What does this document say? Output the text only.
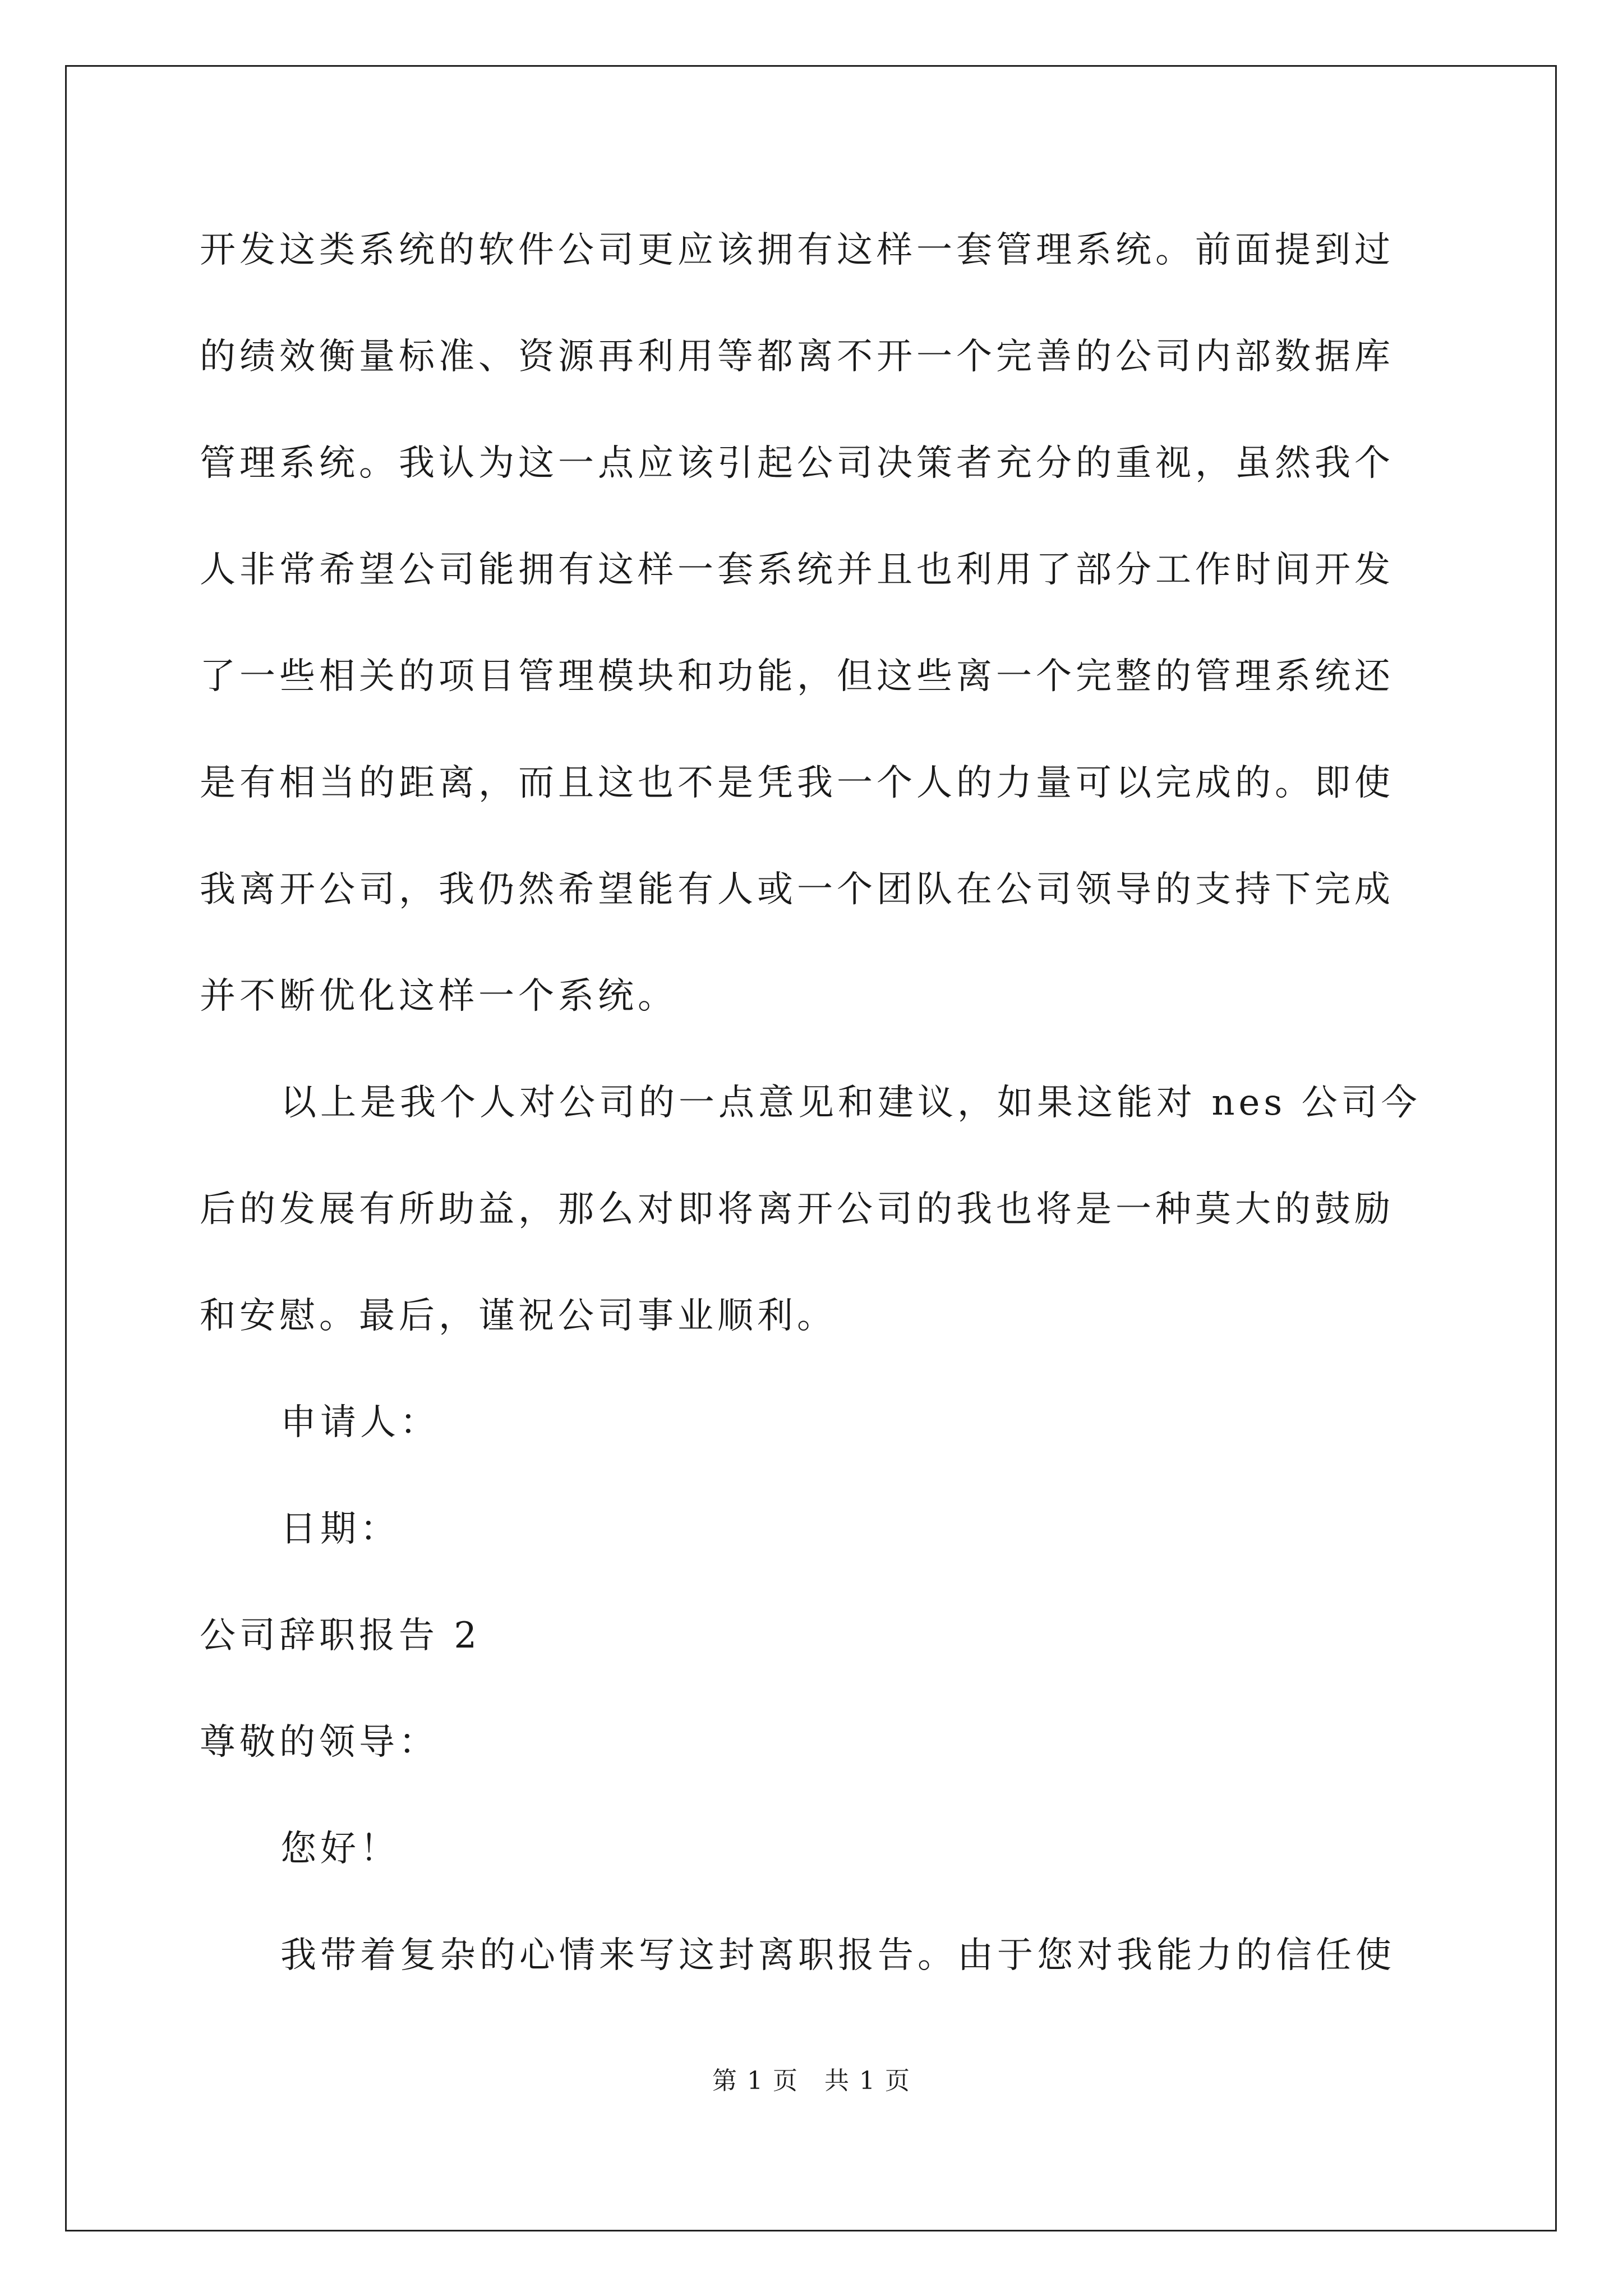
开发这类系统的软件公司更应该拥有这样一套管理系统。前面提到过
的绩效衡量标准、资源再利用等都离不开一个完善的公司内部数据库
管理系统。我认为这一点应该引起公司决策者充分的重视，虽然我个
人非常希望公司能拥有这样一套系统并且也利用了部分工作时间开发
了一些相关的项目管理模块和功能，但这些离一个完整的管理系统还
是有相当的距离，而且这也不是凭我一个人的力量可以完成的。即使
我离开公司，我仍然希望能有人或一个团队在公司领导的支持下完成
并不断优化这样一个系统。
以上是我个人对公司的一点意见和建议，如果这能对 nes 公司今
后的发展有所助益，那么对即将离开公司的我也将是一种莫大的鼓励
和安慰。最后，谨祝公司事业顺利。
申请人：
日期：
公司辞职报告 2
尊敬的领导：
您好！
我带着复杂的心情来写这封离职报告。由于您对我能力的信任使
第 1 页　共 1 页
